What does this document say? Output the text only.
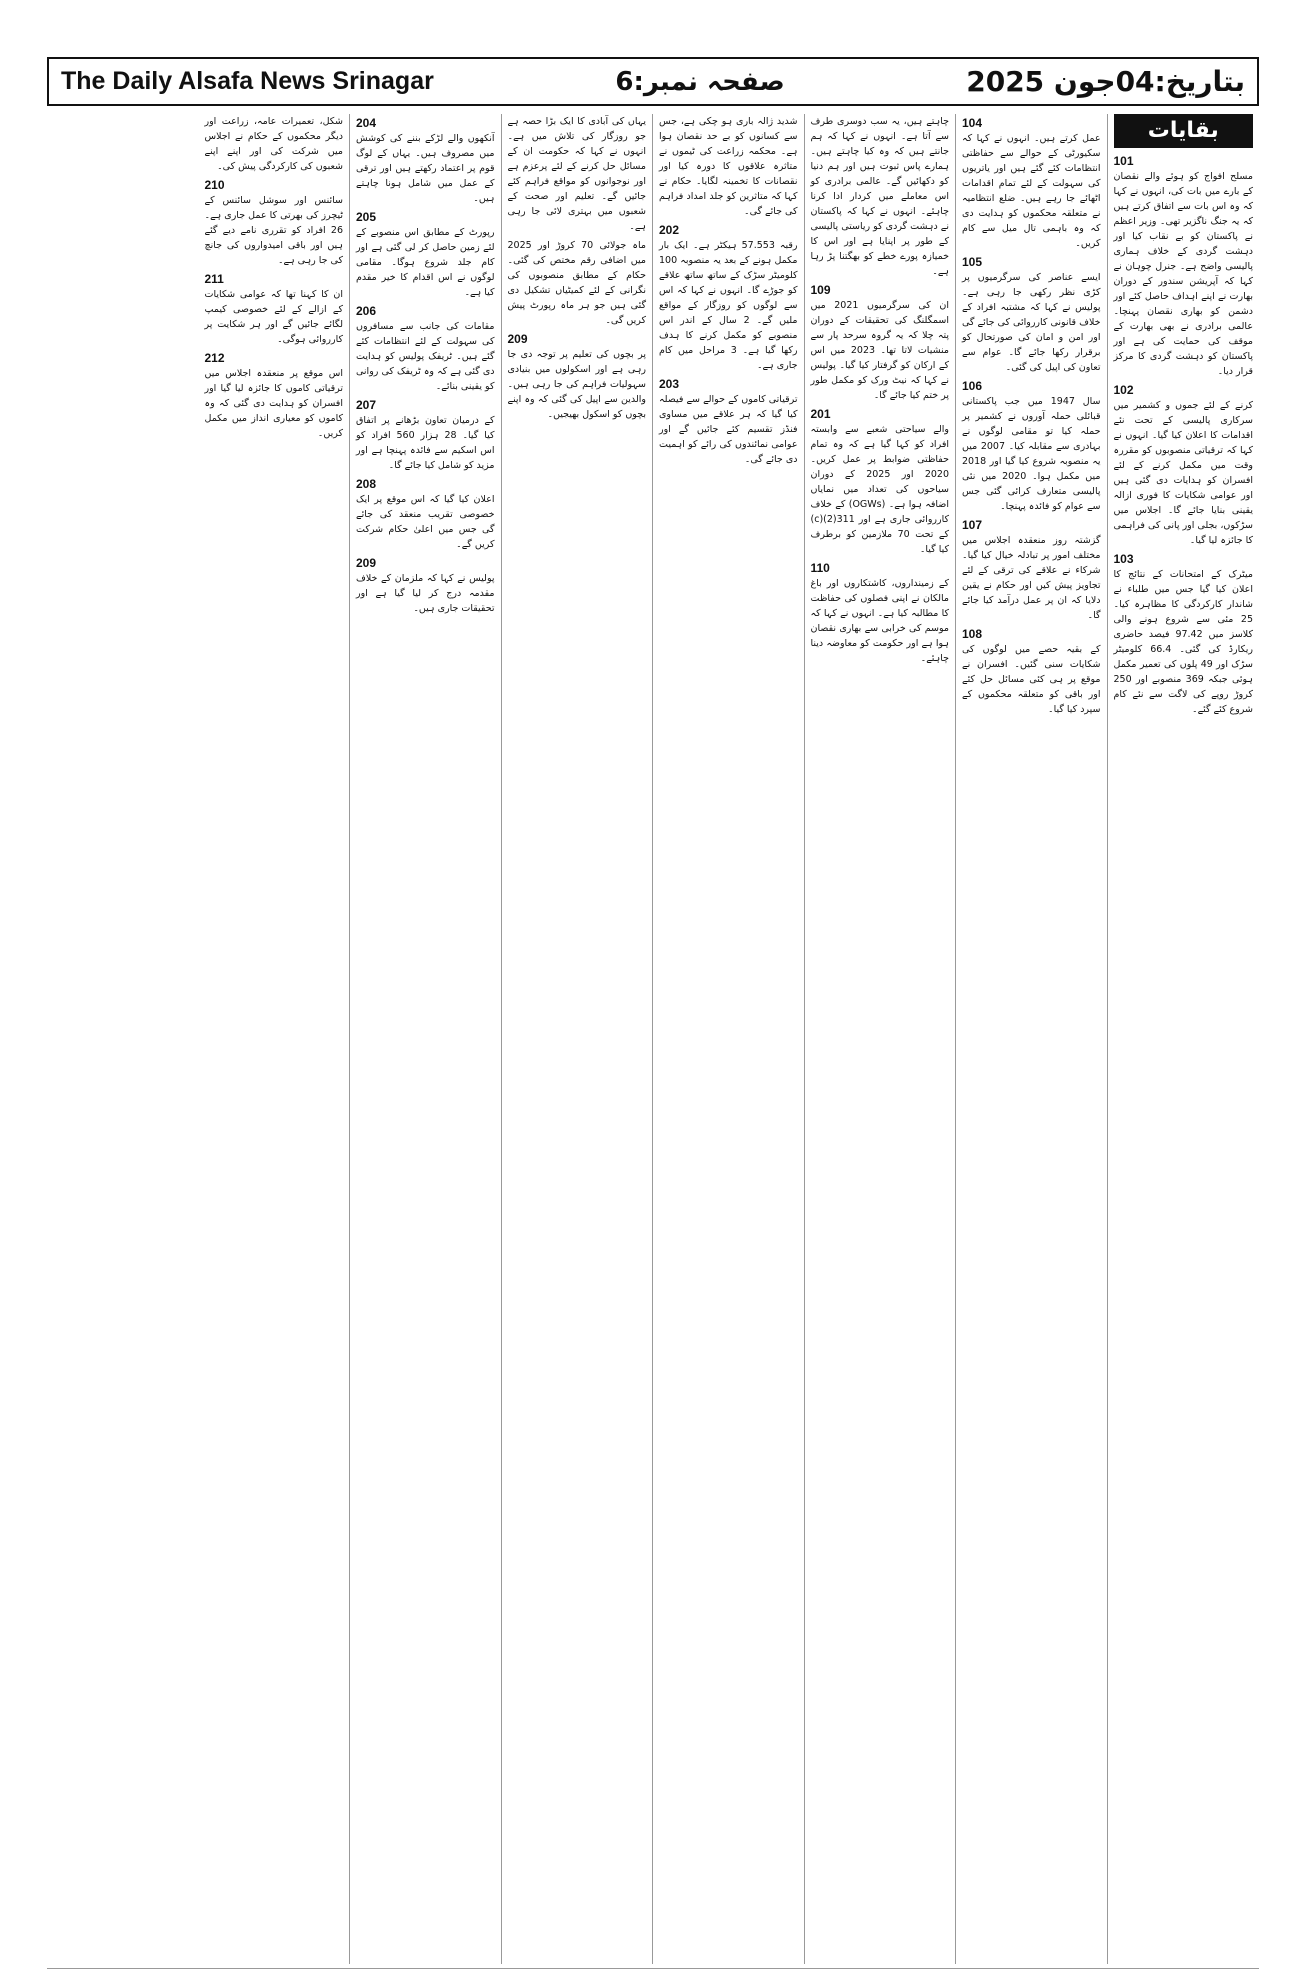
The Daily Alsafa News Srinagar	صفحہ نمبر:6	بتاریخ:04جون 2025
بقایات
101

مسلح افواج کو ہوئے والے نقصان کے بارے میں بات کی، انہوں نے کہا کہ وہ اس بات سے اتفاق کرتے ہیں کہ یہ جنگ ناگزیر تھی۔ وزیر اعظم نے پاکستان کو بے نقاب کیا اور دہشت گردی کے خلاف ہماری پالیسی واضح ہے۔ جنرل چوہان نے کہا کہ آپریشن سندور کے دوران بھارت نے اپنے اہداف حاصل کئے اور دشمن کو بھاری نقصان پہنچا۔ عالمی برادری نے بھی بھارت کے موقف کی حمایت کی ہے اور پاکستان کو دہشت گردی کا مرکز قرار دیا۔

102

کرنے کے لئے جموں و کشمیر میں سرکاری پالیسی کے تحت نئے اقدامات کا اعلان کیا گیا۔ انہوں نے کہا کہ ترقیاتی منصوبوں کو مقررہ وقت میں مکمل کرنے کے لئے افسران کو ہدایات دی گئی ہیں اور عوامی شکایات کا فوری ازالہ یقینی بنایا جائے گا۔ اجلاس میں سڑکوں، بجلی اور پانی کی فراہمی کا جائزہ لیا گیا۔

103

میٹرک کے امتحانات کے نتائج کا اعلان کیا گیا جس میں طلباء نے شاندار کارکردگی کا مظاہرہ کیا۔ 25 مئی سے شروع ہونے والی کلاسز میں 97.42 فیصد حاضری ریکارڈ کی گئی۔ 66.4 کلومیٹر سڑک اور 49 پلوں کی تعمیر مکمل ہوئی جبکہ 369 منصوبے اور 250 کروڑ روپے کی لاگت سے نئے کام شروع کئے گئے۔

104

عمل کرتے ہیں۔ انہوں نے کہا کہ سکیورٹی کے حوالے سے حفاظتی انتظامات کئے گئے ہیں اور یاتریوں کی سہولت کے لئے تمام اقدامات اٹھائے جا رہے ہیں۔ ضلع انتظامیہ نے متعلقہ محکموں کو ہدایت دی کہ وہ باہمی تال میل سے کام کریں۔

105

ایسے عناصر کی سرگرمیوں پر کڑی نظر رکھی جا رہی ہے۔ پولیس نے کہا کہ مشتبہ افراد کے خلاف قانونی کارروائی کی جائے گی اور امن و امان کی صورتحال کو برقرار رکھا جائے گا۔ عوام سے تعاون کی اپیل کی گئی۔

106

سال 1947 میں جب پاکستانی قبائلی حملہ آوروں نے کشمیر پر حملہ کیا تو مقامی لوگوں نے بہادری سے مقابلہ کیا۔ 2007 میں یہ منصوبہ شروع کیا گیا اور 2018 میں مکمل ہوا۔ 2020 میں نئی پالیسی متعارف کرائی گئی جس سے عوام کو فائدہ پہنچا۔

107

گزشتہ روز منعقدہ اجلاس میں مختلف امور پر تبادلہ خیال کیا گیا۔ شرکاء نے علاقے کی ترقی کے لئے تجاویز پیش کیں اور حکام نے یقین دلایا کہ ان پر عمل درآمد کیا جائے گا۔

108

کے بقیہ حصے میں لوگوں کی شکایات سنی گئیں۔ افسران نے موقع پر ہی کئی مسائل حل کئے اور باقی کو متعلقہ محکموں کے سپرد کیا گیا۔

چاہتے ہیں، یہ سب دوسری طرف سے آتا ہے۔ انہوں نے کہا کہ ہم جانتے ہیں کہ وہ کیا چاہتے ہیں۔ ہمارے پاس ثبوت ہیں اور ہم دنیا کو دکھائیں گے۔ عالمی برادری کو اس معاملے میں کردار ادا کرنا چاہئے۔ انہوں نے کہا کہ پاکستان نے دہشت گردی کو ریاستی پالیسی کے طور پر اپنایا ہے اور اس کا خمیازہ پورے خطے کو بھگتنا پڑ رہا ہے۔

109

ان کی سرگرمیوں 2021 میں اسمگلنگ کی تحقیقات کے دوران پتہ چلا کہ یہ گروہ سرحد پار سے منشیات لاتا تھا۔ 2023 میں اس کے ارکان کو گرفتار کیا گیا۔ پولیس نے کہا کہ نیٹ ورک کو مکمل طور پر ختم کیا جائے گا۔

201

والے سیاحتی شعبے سے وابستہ افراد کو کہا گیا ہے کہ وہ تمام حفاظتی ضوابط پر عمل کریں۔ 2020 اور 2025 کے دوران سیاحوں کی تعداد میں نمایاں اضافہ ہوا ہے۔ (OGWs) کے خلاف کارروائی جاری ہے اور 311(2)(c) کے تحت 70 ملازمین کو برطرف کیا گیا۔

110

کے زمینداروں، کاشتکاروں اور باغ مالکان نے اپنی فصلوں کی حفاظت کا مطالبہ کیا ہے۔ انہوں نے کہا کہ موسم کی خرابی سے بھاری نقصان ہوا ہے اور حکومت کو معاوضہ دینا چاہئے۔

شدید ژالہ باری ہو چکی ہے، جس سے کسانوں کو بے حد نقصان ہوا ہے۔ محکمہ زراعت کی ٹیموں نے متاثرہ علاقوں کا دورہ کیا اور نقصانات کا تخمینہ لگایا۔ حکام نے کہا کہ متاثرین کو جلد امداد فراہم کی جائے گی۔

202

رقبہ 57.553 ہیکٹر ہے۔ ایک بار مکمل ہونے کے بعد یہ منصوبہ 100 کلومیٹر سڑک کے ساتھ ساتھ علاقے کو جوڑے گا۔ انہوں نے کہا کہ اس سے لوگوں کو روزگار کے مواقع ملیں گے۔ 2 سال کے اندر اس منصوبے کو مکمل کرنے کا ہدف رکھا گیا ہے۔ 3 مراحل میں کام جاری ہے۔

203

ترقیاتی کاموں کے حوالے سے فیصلہ کیا گیا کہ ہر علاقے میں مساوی فنڈز تقسیم کئے جائیں گے اور عوامی نمائندوں کی رائے کو اہمیت دی جائے گی۔

یہاں کی آبادی کا ایک بڑا حصہ ہے جو روزگار کی تلاش میں ہے۔ انہوں نے کہا کہ حکومت ان کے مسائل حل کرنے کے لئے پرعزم ہے اور نوجوانوں کو مواقع فراہم کئے جائیں گے۔ تعلیم اور صحت کے شعبوں میں بہتری لائی جا رہی ہے۔

ماہ جولائی 70 کروڑ اور 2025 میں اضافی رقم مختص کی گئی۔ حکام کے مطابق منصوبوں کی نگرانی کے لئے کمیٹیاں تشکیل دی گئی ہیں جو ہر ماہ رپورٹ پیش کریں گی۔

209

پر بچوں کی تعلیم پر توجہ دی جا رہی ہے اور اسکولوں میں بنیادی سہولیات فراہم کی جا رہی ہیں۔ والدین سے اپیل کی گئی کہ وہ اپنے بچوں کو اسکول بھیجیں۔

204

آنکھوں والے لڑکے بننے کی کوشش میں مصروف ہیں۔ یہاں کے لوگ قوم پر اعتماد رکھتے ہیں اور ترقی کے عمل میں شامل ہونا چاہتے ہیں۔

205

رپورٹ کے مطابق اس منصوبے کے لئے زمین حاصل کر لی گئی ہے اور کام جلد شروع ہوگا۔ مقامی لوگوں نے اس اقدام کا خیر مقدم کیا ہے۔

206

مقامات کی جانب سے مسافروں کی سہولت کے لئے انتظامات کئے گئے ہیں۔ ٹریفک پولیس کو ہدایت دی گئی ہے کہ وہ ٹریفک کی روانی کو یقینی بنائے۔

207

کے درمیان تعاون بڑھانے پر اتفاق کیا گیا۔ 28 ہزار 560 افراد کو اس اسکیم سے فائدہ پہنچا ہے اور مزید کو شامل کیا جائے گا۔

208

اعلان کیا گیا کہ اس موقع پر ایک خصوصی تقریب منعقد کی جائے گی جس میں اعلیٰ حکام شرکت کریں گے۔

209

پولیس نے کہا کہ ملزمان کے خلاف مقدمہ درج کر لیا گیا ہے اور تحقیقات جاری ہیں۔

شکل، تعمیرات عامہ، زراعت اور دیگر محکموں کے حکام نے اجلاس میں شرکت کی اور اپنے اپنے شعبوں کی کارکردگی پیش کی۔

210

سائنس اور سوشل سائنس کے ٹیچرز کی بھرتی کا عمل جاری ہے۔ 26 افراد کو تقرری نامے دیے گئے ہیں اور باقی امیدواروں کی جانچ کی جا رہی ہے۔

211

ان کا کہنا تھا کہ عوامی شکایات کے ازالے کے لئے خصوصی کیمپ لگائے جائیں گے اور ہر شکایت پر کارروائی ہوگی۔

212

اس موقع پر منعقدہ اجلاس میں ترقیاتی کاموں کا جائزہ لیا گیا اور افسران کو ہدایت دی گئی کہ وہ کاموں کو معیاری انداز میں مکمل کریں۔
